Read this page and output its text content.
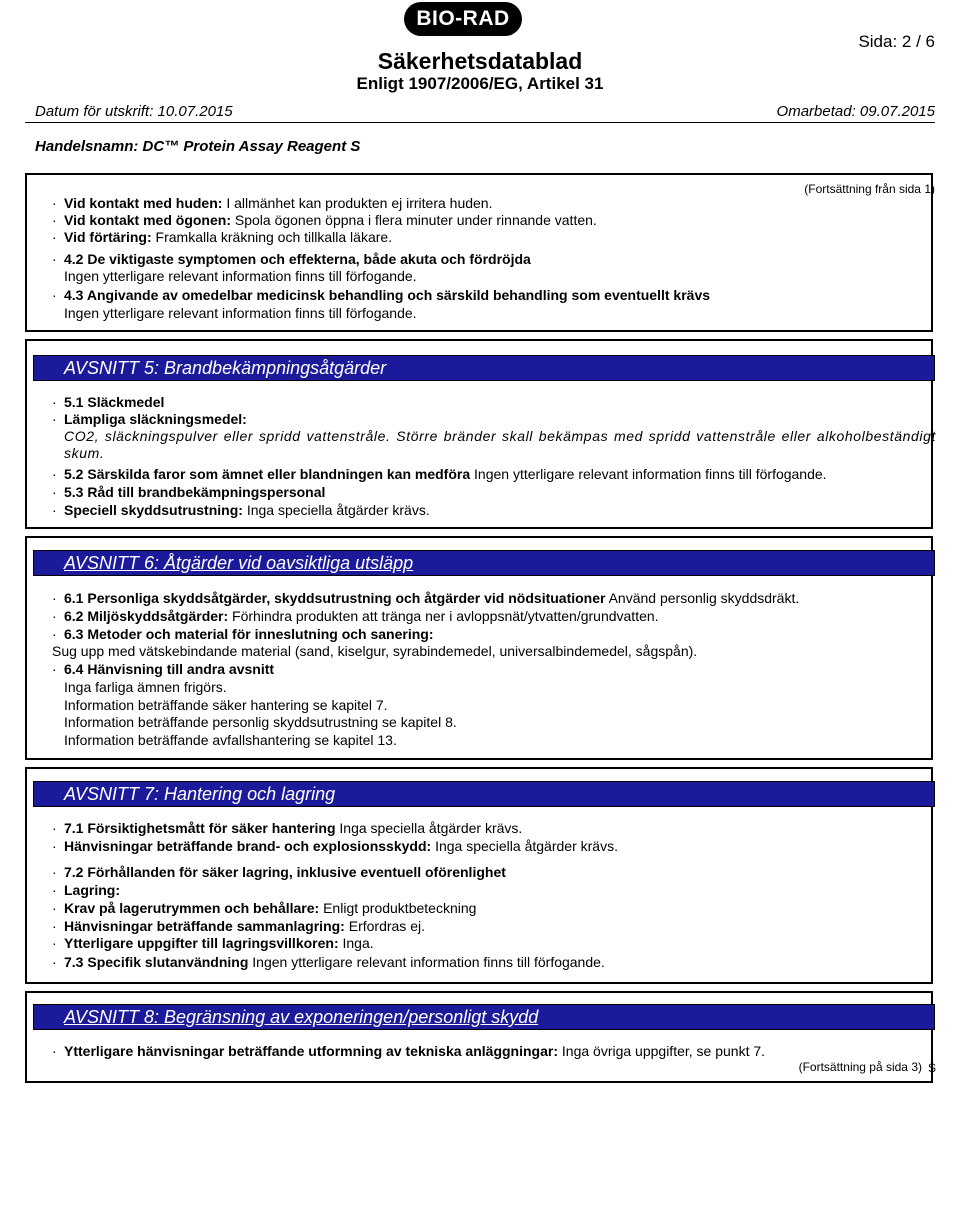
BIO-RAD
Sida: 2 / 6
Säkerhetsdatablad
Enligt 1907/2006/EG, Artikel 31
Datum för utskrift: 10.07.2015	Omarbetad: 09.07.2015
Handelsnamn: DC™ Protein Assay Reagent S
(Fortsättning från sida 1)
· Vid kontakt med huden: I allmänhet kan produkten ej irritera huden.
· Vid kontakt med ögonen: Spola ögonen öppna i flera minuter under rinnande vatten.
· Vid förtäring: Framkalla kräkning och tillkalla läkare.
· 4.2 De viktigaste symptomen och effekterna, både akuta och fördröjda
Ingen ytterligare relevant information finns till förfogande.
· 4.3 Angivande av omedelbar medicinsk behandling och särskild behandling som eventuellt krävs
Ingen ytterligare relevant information finns till förfogande.
AVSNITT 5: Brandbekämpningsåtgärder
· 5.1 Släckmedel
· Lämpliga släckningsmedel:
CO2, släckningspulver eller spridd vattenstråle. Större bränder skall bekämpas med spridd vattenstråle eller alkoholbeständigt skum.
· 5.2 Särskilda faror som ämnet eller blandningen kan medföra Ingen ytterligare relevant information finns till förfogande.
· 5.3 Råd till brandbekämpningspersonal
· Speciell skyddsutrustning: Inga speciella åtgärder krävs.
AVSNITT 6: Åtgärder vid oavsiktliga utsläpp
· 6.1 Personliga skyddsåtgärder, skyddsutrustning och åtgärder vid nödsituationer Använd personlig skyddsdräkt.
· 6.2 Miljöskyddsåtgärder: Förhindra produkten att tränga ner i avloppsnät/ytvatten/grundvatten.
· 6.3 Metoder och material för inneslutning och sanering:
Sug upp med vätskebindande material (sand, kiselgur, syrabindemedel, universalbindemedel, sågspån).
· 6.4 Hänvisning till andra avsnitt
Inga farliga ämnen frigörs.
Information beträffande säker hantering se kapitel 7.
Information beträffande personlig skyddsutrustning se kapitel 8.
Information beträffande avfallshantering se kapitel 13.
AVSNITT 7: Hantering och lagring
· 7.1 Försiktighetsmått för säker hantering Inga speciella åtgärder krävs.
· Hänvisningar beträffande brand- och explosionsskydd: Inga speciella åtgärder krävs.
· 7.2 Förhållanden för säker lagring, inklusive eventuell oförenlighet
· Lagring:
· Krav på lagerutrymmen och behållare: Enligt produktbeteckning
· Hänvisningar beträffande sammanlagring: Erfordras ej.
· Ytterligare uppgifter till lagringsvillkoren: Inga.
· 7.3 Specifik slutanvändning Ingen ytterligare relevant information finns till förfogande.
AVSNITT 8: Begränsning av exponeringen/personligt skydd
· Ytterligare hänvisningar beträffande utformning av tekniska anläggningar: Inga övriga uppgifter, se punkt 7.
(Fortsättning på sida 3) S
